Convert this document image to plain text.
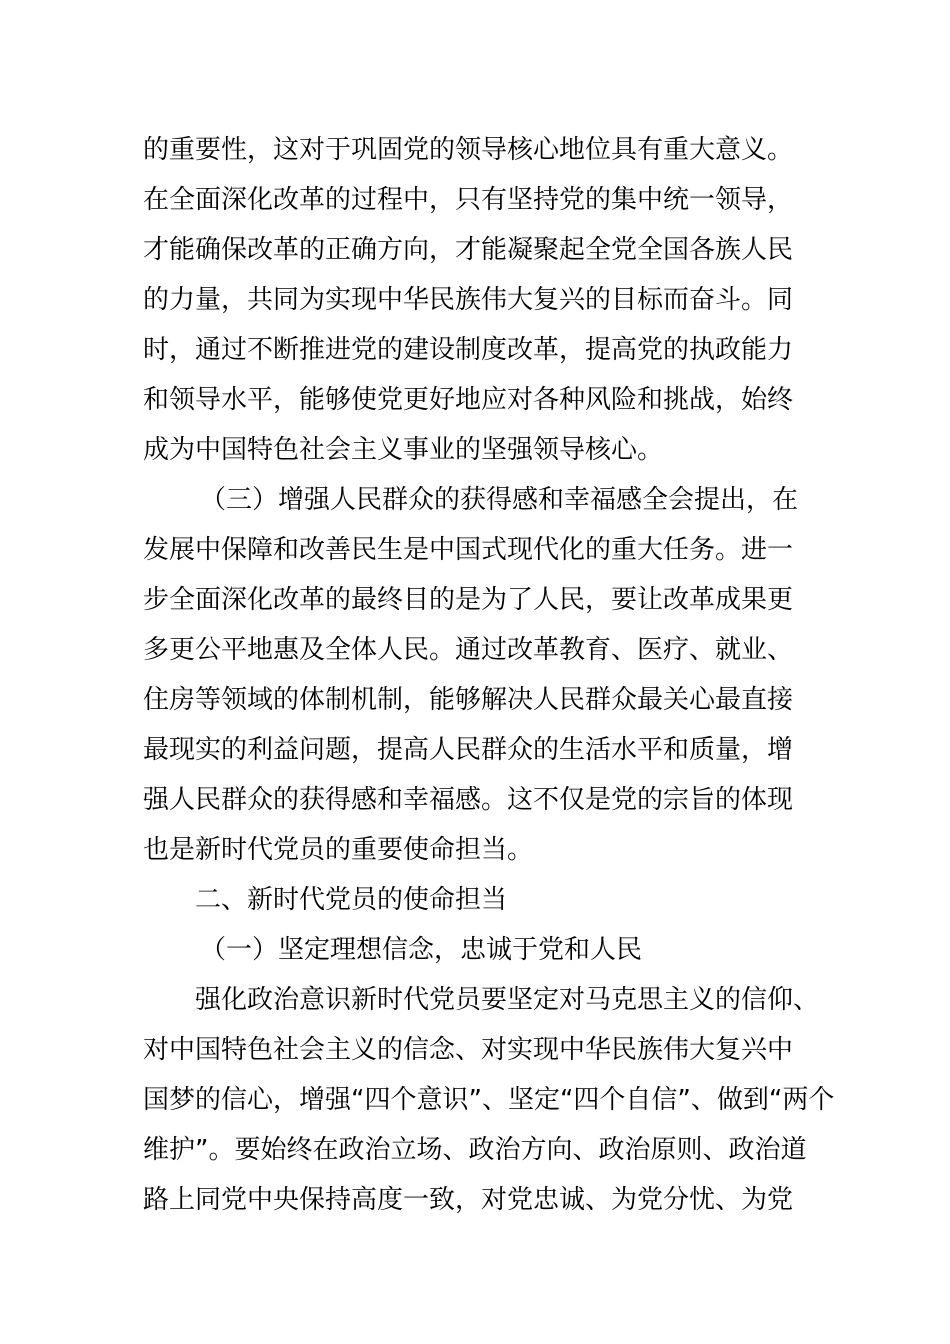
的重要性，这对于巩固党的领导核心地位具有重大意义。
在全面深化改革的过程中，只有坚持党的集中统一领导，
才能确保改革的正确方向，才能凝聚起全党全国各族人民
的力量，共同为实现中华民族伟大复兴的目标而奋斗。同
时，通过不断推进党的建设制度改革，提高党的执政能力
和领导水平，能够使党更好地应对各种风险和挑战，始终
成为中国特色社会主义事业的坚强领导核心。
（三）增强人民群众的获得感和幸福感全会提出，在
发展中保障和改善民生是中国式现代化的重大任务。进一
步全面深化改革的最终目的是为了人民，要让改革成果更
多更公平地惠及全体人民。通过改革教育、医疗、就业、
住房等领域的体制机制，能够解决人民群众最关心最直接
最现实的利益问题，提高人民群众的生活水平和质量，增
强人民群众的获得感和幸福感。这不仅是党的宗旨的体现
也是新时代党员的重要使命担当。
二、新时代党员的使命担当
（一）坚定理想信念，忠诚于党和人民
强化政治意识新时代党员要坚定对马克思主义的信仰、
对中国特色社会主义的信念、对实现中华民族伟大复兴中
国梦的信心，增强“四个意识”、坚定“四个自信”、做到“两个
维护”。要始终在政治立场、政治方向、政治原则、政治道
路上同党中央保持高度一致，对党忠诚、为党分忧、为党
